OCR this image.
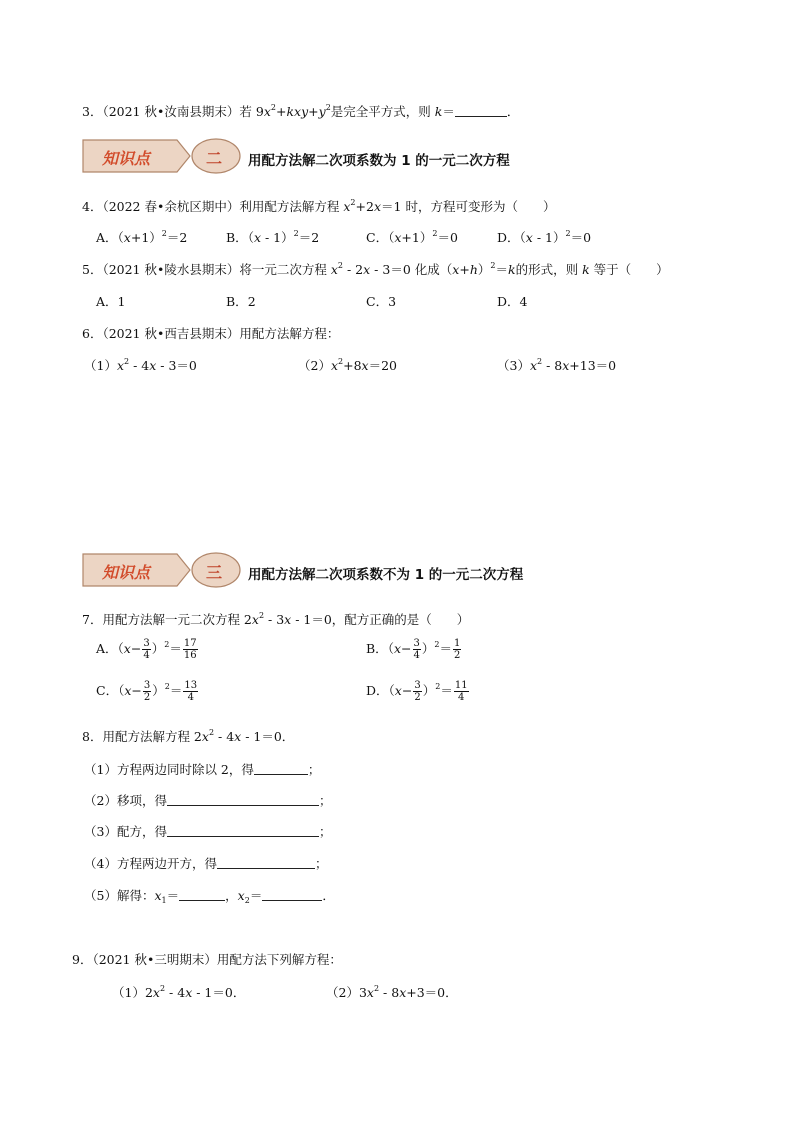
3．（2021 秋•汝南县期末）若 $9x^2+kxy+y^2$是完全平方式，则 k＝	．
知识点	二 用配方法解二次项系数为 1 的一元二次方程
4．（2022 春•余杭区期中）利用配方法解方程 $x^2+2x=1$ 时，方程可变形为（　　）
A．$(x+1)^2=2$	B．（x - 1）$^2$＝2	C．$(x+1)^2=0$	D．（x - 1）$^2$＝0
5．（2021 秋•陵水县期末）将一元二次方程 $x^2 - 2x - 3=0$ 化成$(x+h)^2=k$的形式，则 k 等于（　　）
A．1	B．2	C．3	D．4
6．（2021 秋•西吉县期末）用配方法解方程：
$(1)x^2 - 4x - 3=0$	$(2)x^2+8x=20$	$(3)x^2 - 8x+13=0$
知识点	三 用配方法解二次项系数不为 1 的一元二次方程
7．用配方法解一元二次方程 $2x^2 - 3x - 1=0$，配方正确的是（　　）
A．$(x- \frac{3}{4} )^2= \frac{17}{16}$	B．$(x- \frac{3}{4} )^2= \frac{1}{2}$
C．$(x- \frac{3}{2} )^2= \frac{13}{4}$	D．$(x- \frac{3}{2} )^2= \frac{11}{4}$
8．用配方法解方程 $2x^2 - 4x - 1=0$．
（1）方程两边同时除以 2，得	；
（2）移项，得	；
（3）配方，得	；
（4）方程两边开方，得	；
（5）解得：$x_1=$	，$x_2=$	．
9．（2021 秋•三明期末）用配方法下列解方程：
$(1)2x^2 - 4x - 1=0$．	$(2)3x^2 - 8x+3=0$．
